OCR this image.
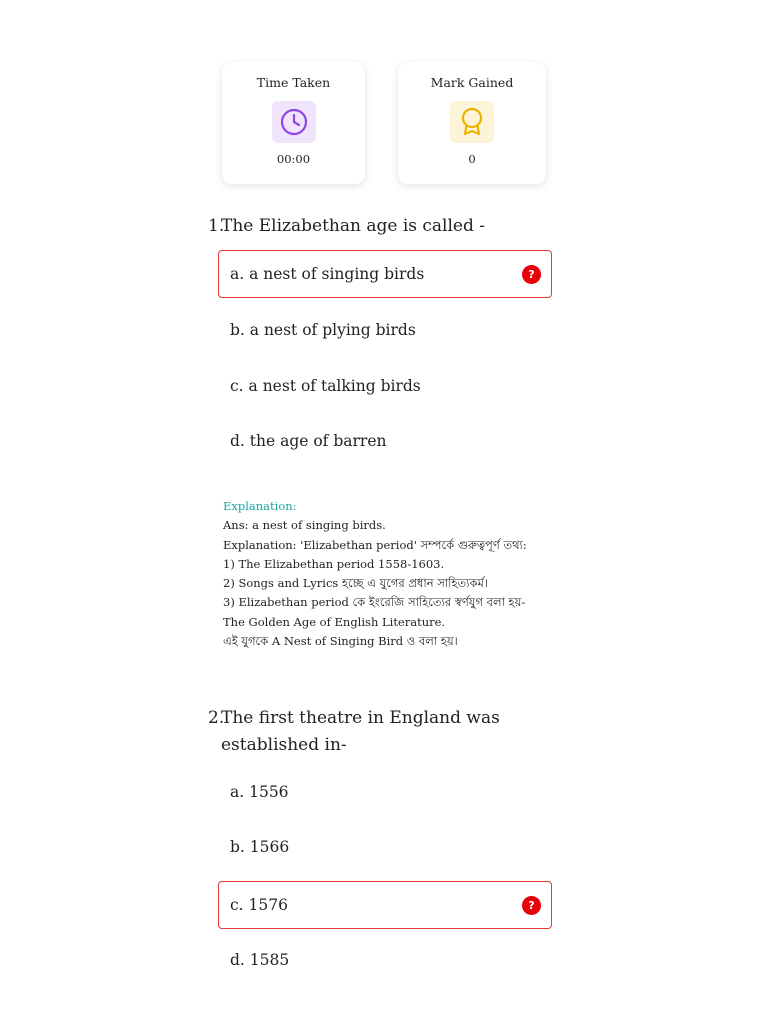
Time Taken
00:00
Mark Gained
0
1.The Elizabethan age is called -
a. a nest of singing birds	?
b. a nest of plying birds
c. a nest of talking birds
d. the age of barren
Explanation:
Ans: a nest of singing birds.
Explanation: 'Elizabethan period' সম্পর্কে গুরুত্বপূর্ণ তথ্য:
1) The Elizabethan period 1558-1603.
2) Songs and Lyrics হচ্ছে এ যুগের প্রধান সাহিত্যকর্ম।
3) Elizabethan period কে ইংরেজি সাহিত্যের স্বর্ণযুগ বলা হয়-
The Golden Age of English Literature.
এই যুগকে A Nest of Singing Bird ও বলা হয়।
2.The first theatre in England was established in-
a. 1556
b. 1566
c. 1576	?
d. 1585
